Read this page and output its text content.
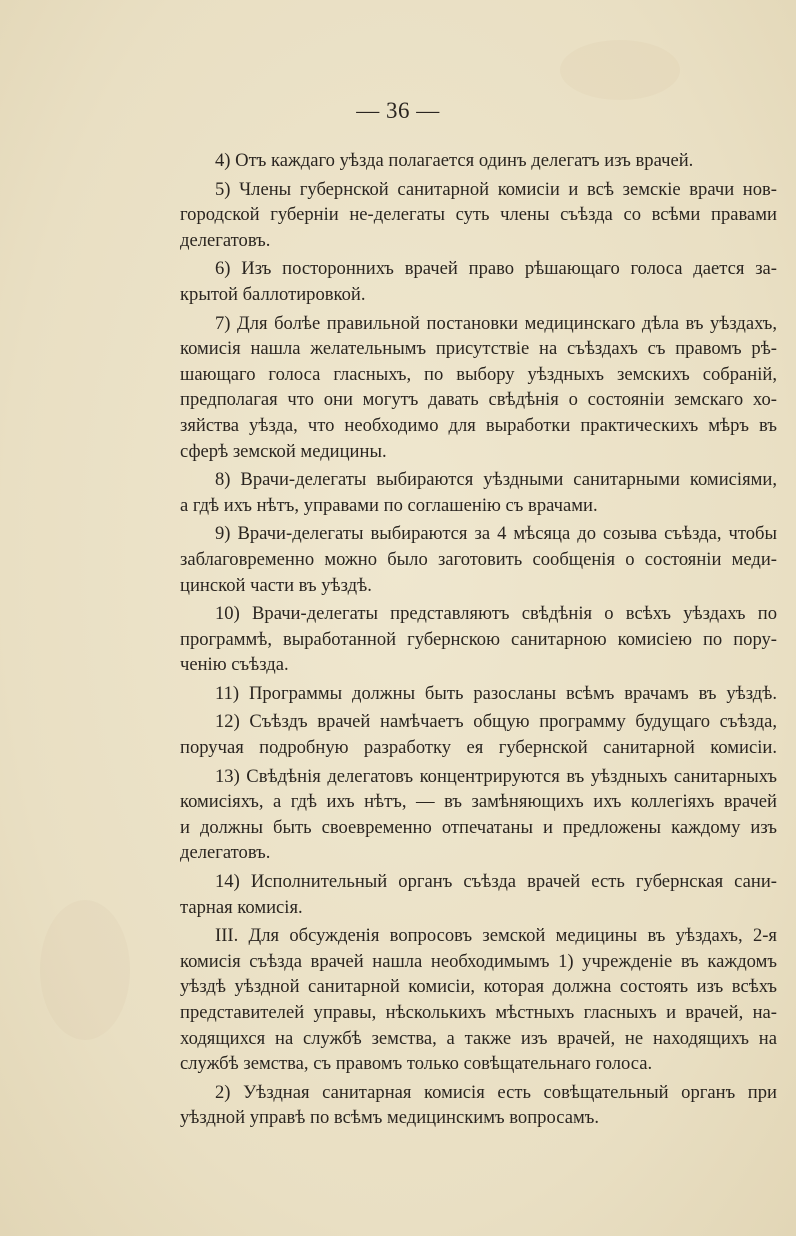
— 36 —
4) Отъ каждаго уѣзда полагается одинъ делегатъ изъ врачей.
5) Члены губернской санитарной комисіи и всѣ земскіе врачи нов-
городской губерніи не-делегаты суть члены съѣзда со всѣми правами
делегатовъ.
6) Изъ постороннихъ врачей право рѣшающаго голоса дается за-
крытой баллотировкой.
7) Для болѣе правильной постановки медицинскаго дѣла въ уѣздахъ,
комисія нашла желательнымъ присутствіе на съѣздахъ съ правомъ рѣ-
шающаго голоса гласныхъ, по выбору уѣздныхъ земскихъ собраній,
предполагая что они могутъ давать свѣдѣнія о состояніи земскаго хо-
зяйства уѣзда, что необходимо для выработки практическихъ мѣръ въ
сферѣ земской медицины.
8) Врачи-делегаты выбираются уѣздными санитарными комисіями,
а гдѣ ихъ нѣтъ, управами по соглашенію съ врачами.
9) Врачи-делегаты выбираются за 4 мѣсяца до созыва съѣзда, чтобы
заблаговременно можно было заготовить сообщенія о состояніи меди-
цинской части въ уѣздѣ.
10) Врачи-делегаты представляютъ свѣдѣнія о всѣхъ уѣздахъ по
программѣ, выработанной губернскою санитарною комисіею по пору-
ченію съѣзда.
11) Программы должны быть разосланы всѣмъ врачамъ въ уѣздѣ.
12) Съѣздъ врачей намѣчаетъ общую программу будущаго съѣзда,
поручая подробную разработку ея губернской санитарной комисіи.
13) Свѣдѣнія делегатовъ концентрируются въ уѣздныхъ санитарныхъ
комисіяхъ, а гдѣ ихъ нѣтъ, — въ замѣняющихъ ихъ коллегіяхъ врачей
и должны быть своевременно отпечатаны и предложены каждому изъ
делегатовъ.
14) Исполнительный органъ съѣзда врачей есть губернская сани-
тарная комисія.
III. Для обсужденія вопросовъ земской медицины въ уѣздахъ, 2-я
комисія съѣзда врачей нашла необходимымъ 1) учрежденіе въ каждомъ
уѣздѣ уѣздной санитарной комисіи, которая должна состоять изъ всѣхъ
представителей управы, нѣсколькихъ мѣстныхъ гласныхъ и врачей, на-
ходящихся на службѣ земства, а также изъ врачей, не находящихъ на
службѣ земства, съ правомъ только совѣщательнаго голоса.
2) Уѣздная санитарная комисія есть совѣщательный органъ при
уѣздной управѣ по всѣмъ медицинскимъ вопросамъ.
